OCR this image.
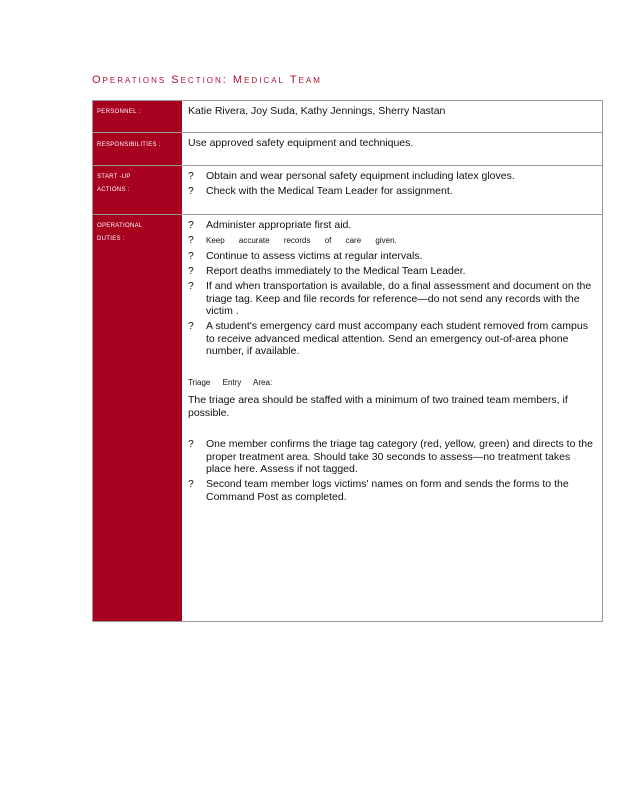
Operations Section: Medical Team
PERSONNEL :	Katie Rivera, Joy Suda, Kathy Jennings, Sherry Nastan
RESPONSIBILITIES :	Use approved safety equipment and techniques.
START -UP ACTIONS :
? Obtain and wear personal safety equipment including latex gloves.
? Check with the Medical Team Leader for assignment.
OPERATIONAL DUTIES :
? Administer appropriate first aid.
? Keep accurate records of care given.
? Continue to assess victims at regular intervals.
? Report deaths immediately to the Medical Team Leader.
? If and when transportation is available, do a final assessment and document on the triage tag. Keep and file records for reference—do not send any records with the victim .
? A student's emergency card must accompany each student removed from campus to receive advanced medical attention. Send an emergency out-of-area phone number, if available.
Triage Entry Area:
The triage area should be staffed with a minimum of two trained team members, if possible.
? One member confirms the triage tag category (red, yellow, green) and directs to the proper treatment area. Should take 30 seconds to assess—no treatment takes place here. Assess if not tagged.
? Second team member logs victims' names on form and sends the forms to the Command Post as completed.
